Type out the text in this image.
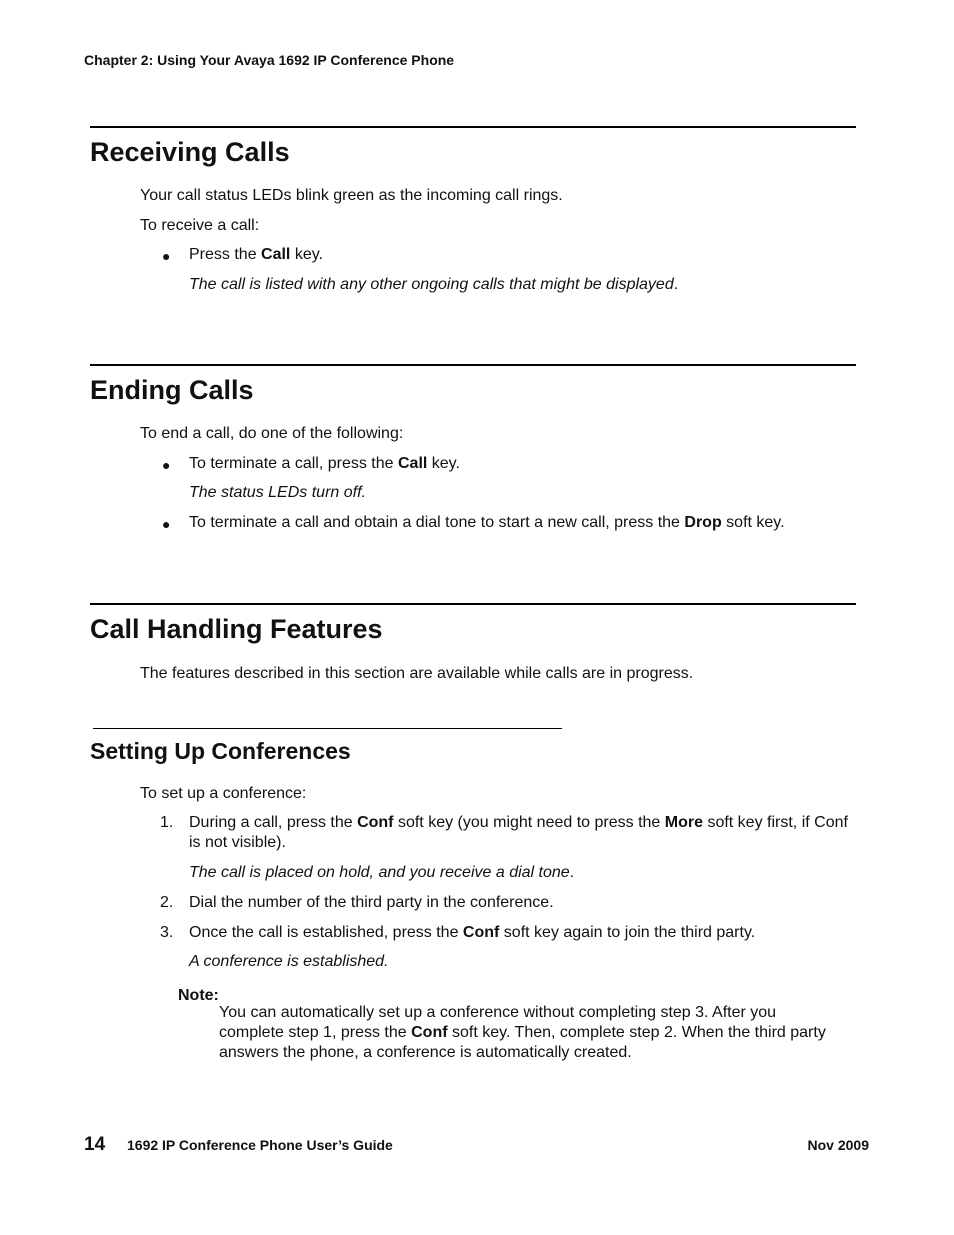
Chapter 2: Using Your Avaya 1692 IP Conference Phone
Receiving Calls
Your call status LEDs blink green as the incoming call rings.
To receive a call:
● Press the Call key.
The call is listed with any other ongoing calls that might be displayed.
Ending Calls
To end a call, do one of the following:
● To terminate a call, press the Call key.
The status LEDs turn off.
● To terminate a call and obtain a dial tone to start a new call, press the Drop soft key.
Call Handling Features
The features described in this section are available while calls are in progress.
Setting Up Conferences
To set up a conference:
1. During a call, press the Conf soft key (you might need to press the More soft key first, if Conf is not visible).
The call is placed on hold, and you receive a dial tone.
2. Dial the number of the third party in the conference.
3. Once the call is established, press the Conf soft key again to join the third party.
A conference is established.
Note:
You can automatically set up a conference without completing step 3. After you complete step 1, press the Conf soft key. Then, complete step 2. When the third party answers the phone, a conference is automatically created.
14 1692 IP Conference Phone User’s Guide	Nov 2009
